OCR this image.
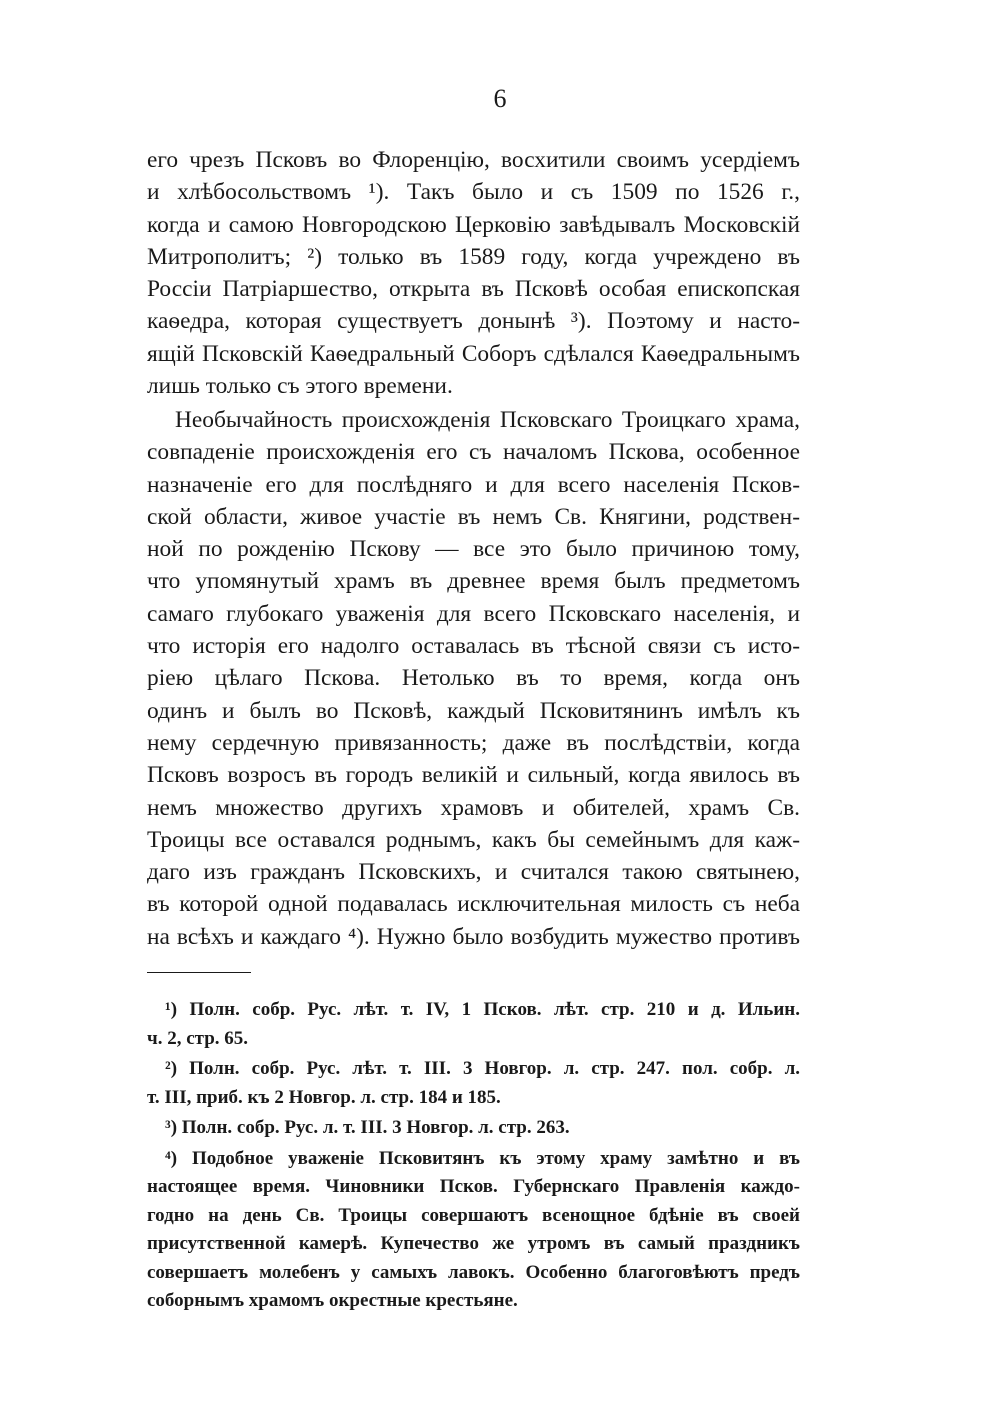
6
его чрезъ Псковъ во Флоренцію, восхитили своимъ усердіемъ
и хлѣбосольствомъ ¹). Такъ было и съ 1509 по 1526 г.,
когда и самою Новгородскою Церковію завѣдывалъ Московскій
Митрополитъ; ²) только въ 1589 году, когда учреждено въ
Россіи Патріаршество, открыта въ Псковѣ особая епископская
каѳедра, которая существуетъ донынѣ ³). Поэтому и насто-
ящій Псковскій Каѳедральный Соборъ сдѣлался Каѳедральнымъ
лишь только съ этого времени.
Необычайность происхожденія Псковскаго Троицкаго храма,
совпаденіе происхожденія его съ началомъ Пскова, особенное
назначеніе его для послѣдняго и для всего населенія Псков-
ской области, живое участіе въ немъ Св. Княгини, родствен-
ной по рожденію Пскову — все это было причиною тому,
что упомянутый храмъ въ древнее время былъ предметомъ
самаго глубокаго уваженія для всего Псковскаго населенія, и
что исторія его надолго оставалась въ тѣсной связи съ исто-
ріею цѣлаго Пскова. Нетолько въ то время, когда онъ
одинъ и былъ во Псковѣ, каждый Псковитянинъ имѣлъ къ
нему сердечную привязанность; даже въ послѣдствіи, когда
Псковъ возросъ въ городъ великій и сильный, когда явилось въ
немъ множество другихъ храмовъ и обителей, храмъ Св.
Троицы все оставался роднымъ, какъ бы семейнымъ для каж-
даго изъ гражданъ Псковскихъ, и считался такою святынею,
въ которой одной подавалась исключительная милость съ неба
на всѣхъ и каждаго ⁴). Нужно было возбудить мужество противъ
¹) Полн. собр. Рус. лѣт. т. IV, 1 Псков. лѣт. стр. 210 и д. Ильин.
ч. 2, стр. 65.
²) Полн. собр. Рус. лѣт. т. III. 3 Новгор. л. стр. 247. пол. собр. л.
т. III, приб. къ 2 Новгор. л. стр. 184 и 185.
³) Полн. собр. Рус. л. т. III. 3 Новгор. л. стр. 263.
⁴) Подобное уваженіе Псковитянъ къ этому храму замѣтно и въ
настоящее время. Чиновники Псков. Губернскаго Правленія каждо-
годно на день Св. Троицы совершаютъ всенощное бдѣніе въ своей
присутственной камерѣ. Купечество же утромъ въ самый праздникъ
совершаетъ молебенъ у самыхъ лавокъ. Особенно благоговѣютъ предъ
соборнымъ храмомъ окрестные крестьяне.
